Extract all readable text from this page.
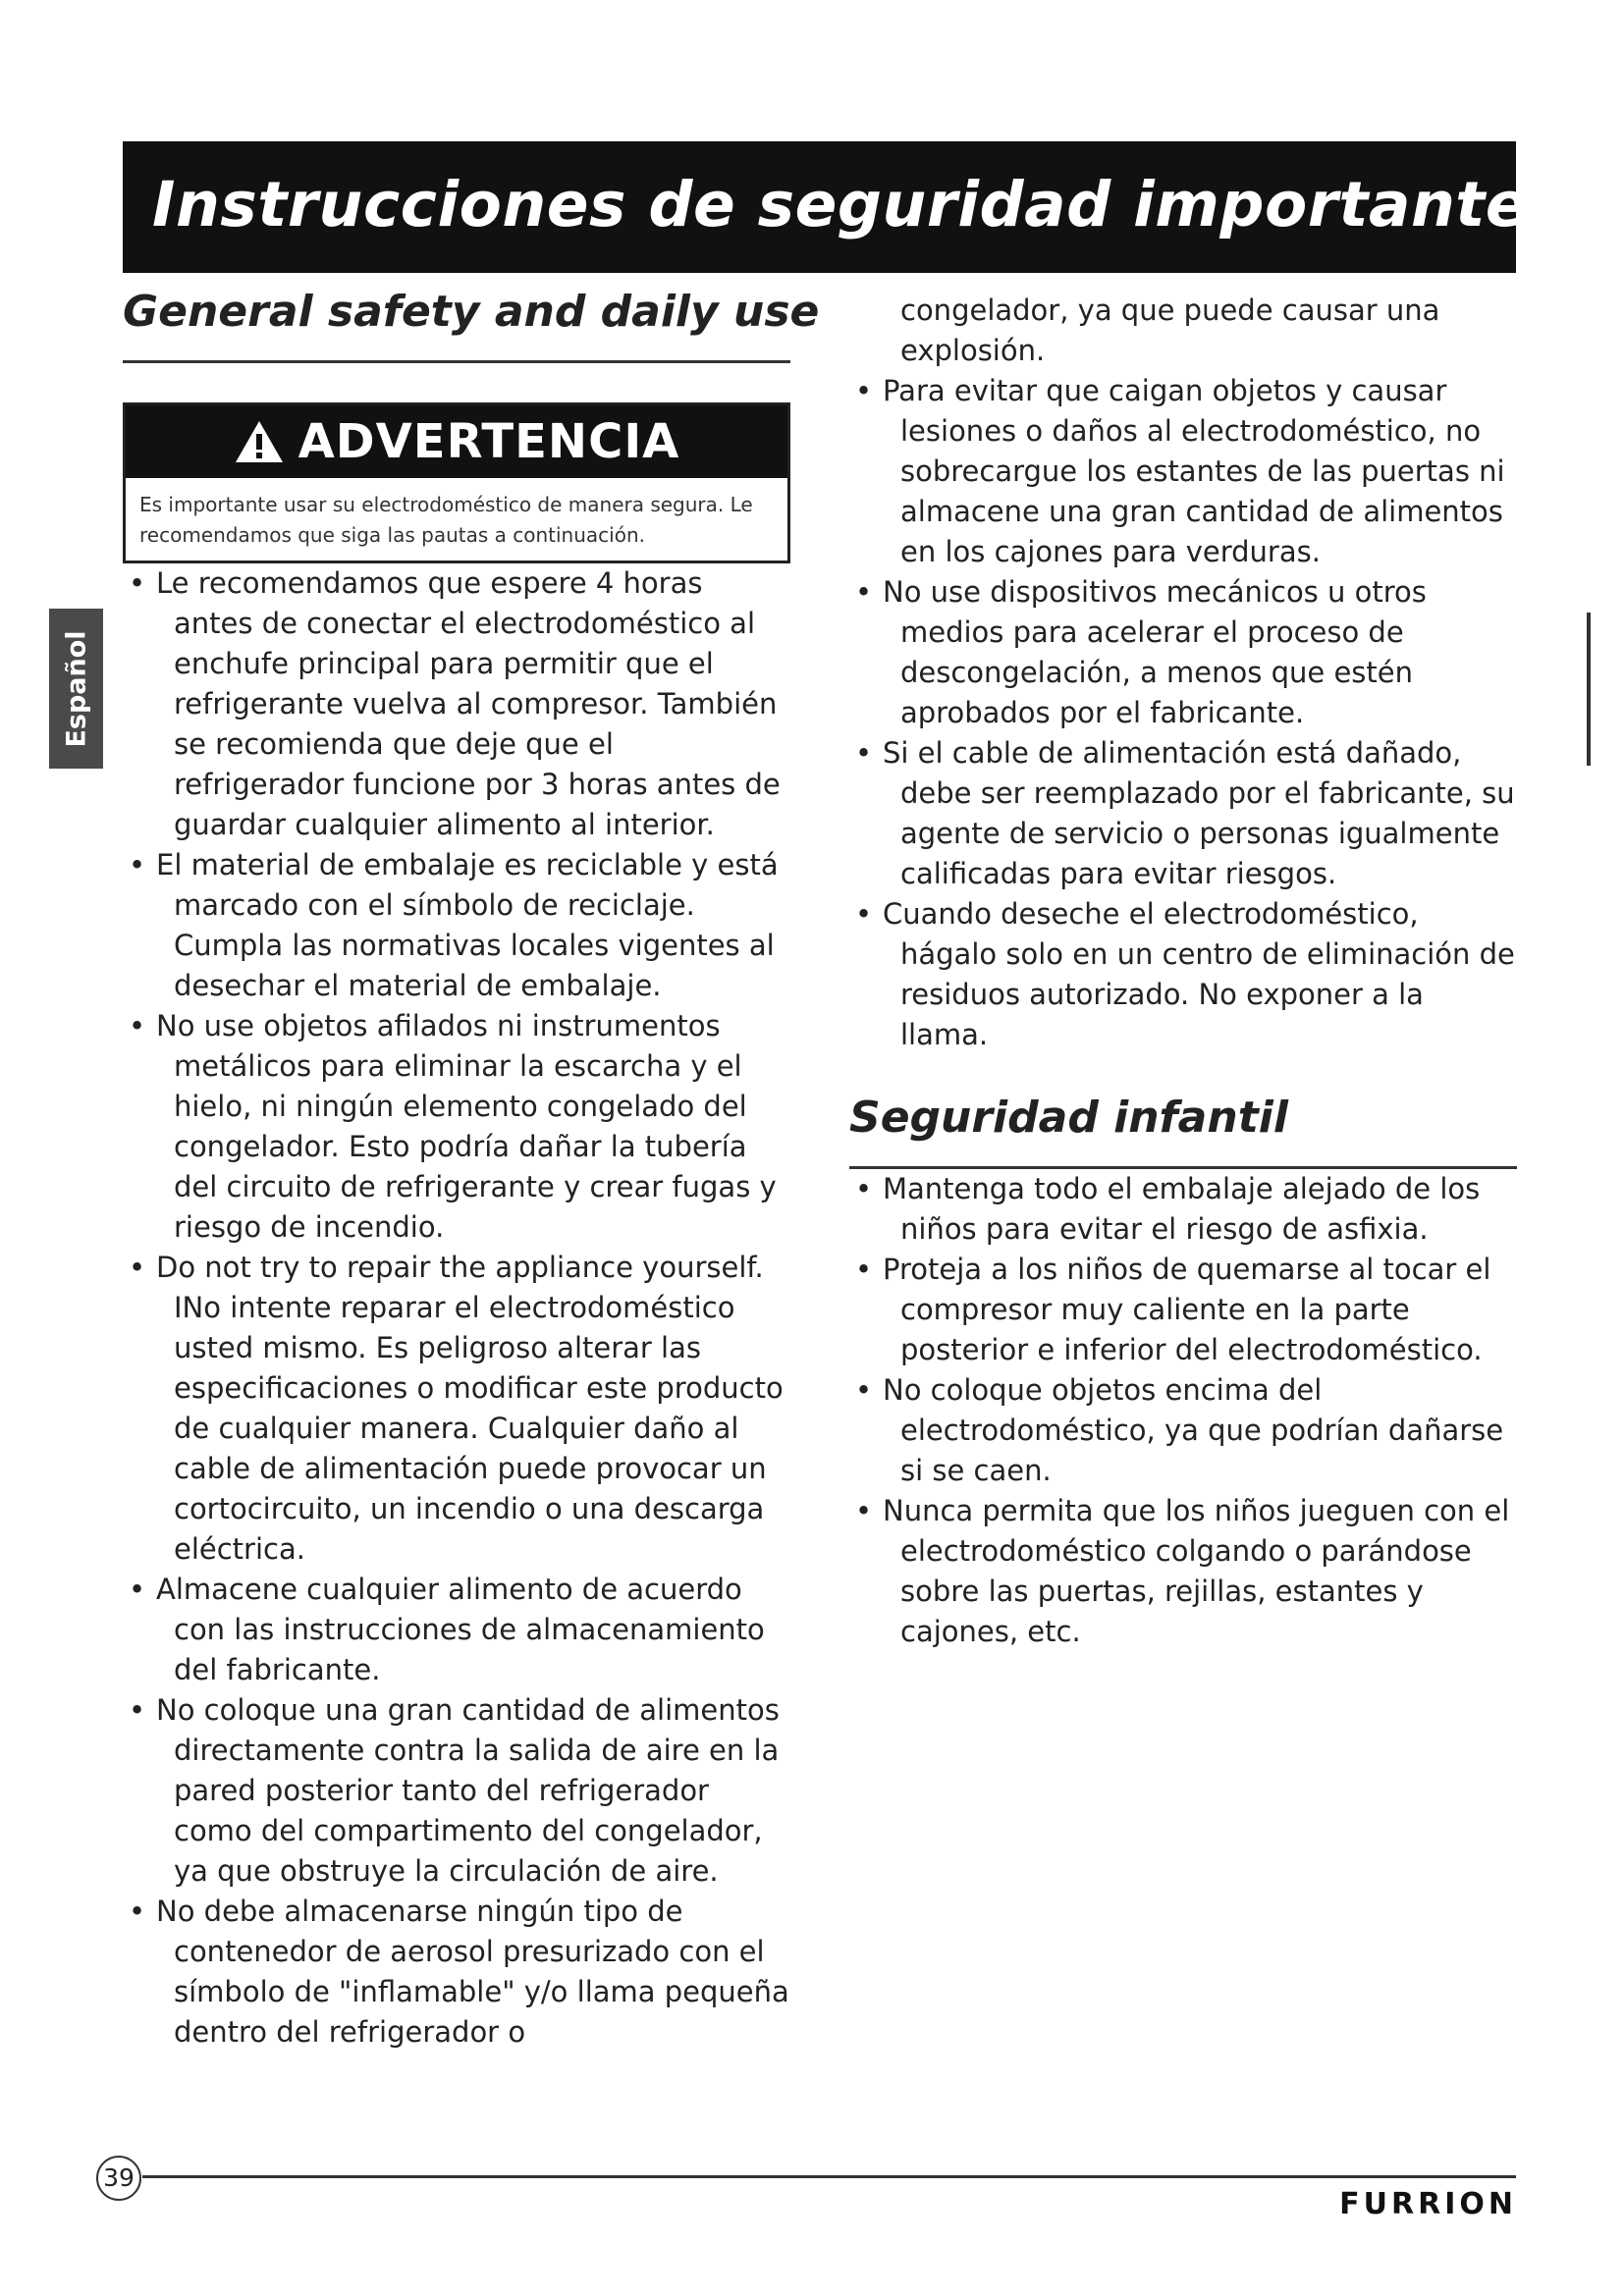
Instrucciones de seguridad importantes
Español
General safety and daily use
ADVERTENCIA
Es importante usar su electrodoméstico de manera segura. Le recomendamos que siga las pautas a continuación.
• Le recomendamos que espere 4 horas antes de conectar el electrodoméstico al enchufe principal para permitir que el refrigerante vuelva al compresor. También se recomienda que deje que el refrigerador funcione por 3 horas antes de guardar cualquier alimento al interior.
• El material de embalaje es reciclable y está marcado con el símbolo de reciclaje. Cumpla las normativas locales vigentes al desechar el material de embalaje.
• No use objetos afilados ni instrumentos metálicos para eliminar la escarcha y el hielo, ni ningún elemento congelado del congelador. Esto podría dañar la tubería del circuito de refrigerante y crear fugas y riesgo de incendio.
• Do not try to repair the appliance yourself. INo intente reparar el electrodoméstico usted mismo. Es peligroso alterar las especificaciones o modificar este producto de cualquier manera. Cualquier daño al cable de alimentación puede provocar un cortocircuito, un incendio o una descarga eléctrica.
• Almacene cualquier alimento de acuerdo con las instrucciones de almacenamiento del fabricante.
• No coloque una gran cantidad de alimentos directamente contra la salida de aire en la pared posterior tanto del refrigerador como del compartimento del congelador, ya que obstruye la circulación de aire.
• No debe almacenarse ningún tipo de contenedor de aerosol presurizado con el símbolo de "inflamable" y/o llama pequeña dentro del refrigerador o
congelador, ya que puede causar una explosión.
• Para evitar que caigan objetos y causar lesiones o daños al electrodoméstico, no sobrecargue los estantes de las puertas ni almacene una gran cantidad de alimentos en los cajones para verduras.
• No use dispositivos mecánicos u otros medios para acelerar el proceso de descongelación, a menos que estén aprobados por el fabricante.
• Si el cable de alimentación está dañado, debe ser reemplazado por el fabricante, su agente de servicio o personas igualmente calificadas para evitar riesgos.
• Cuando deseche el electrodoméstico, hágalo solo en un centro de eliminación de residuos autorizado. No exponer a la llama.
Seguridad infantil
• Mantenga todo el embalaje alejado de los niños para evitar el riesgo de asfixia.
• Proteja a los niños de quemarse al tocar el compresor muy caliente en la parte posterior e inferior del electrodoméstico.
• No coloque objetos encima del electrodoméstico, ya que podrían dañarse si se caen.
• Nunca permita que los niños jueguen con el electrodoméstico colgando o parándose sobre las puertas, rejillas, estantes y cajones, etc.
39
FURRION
